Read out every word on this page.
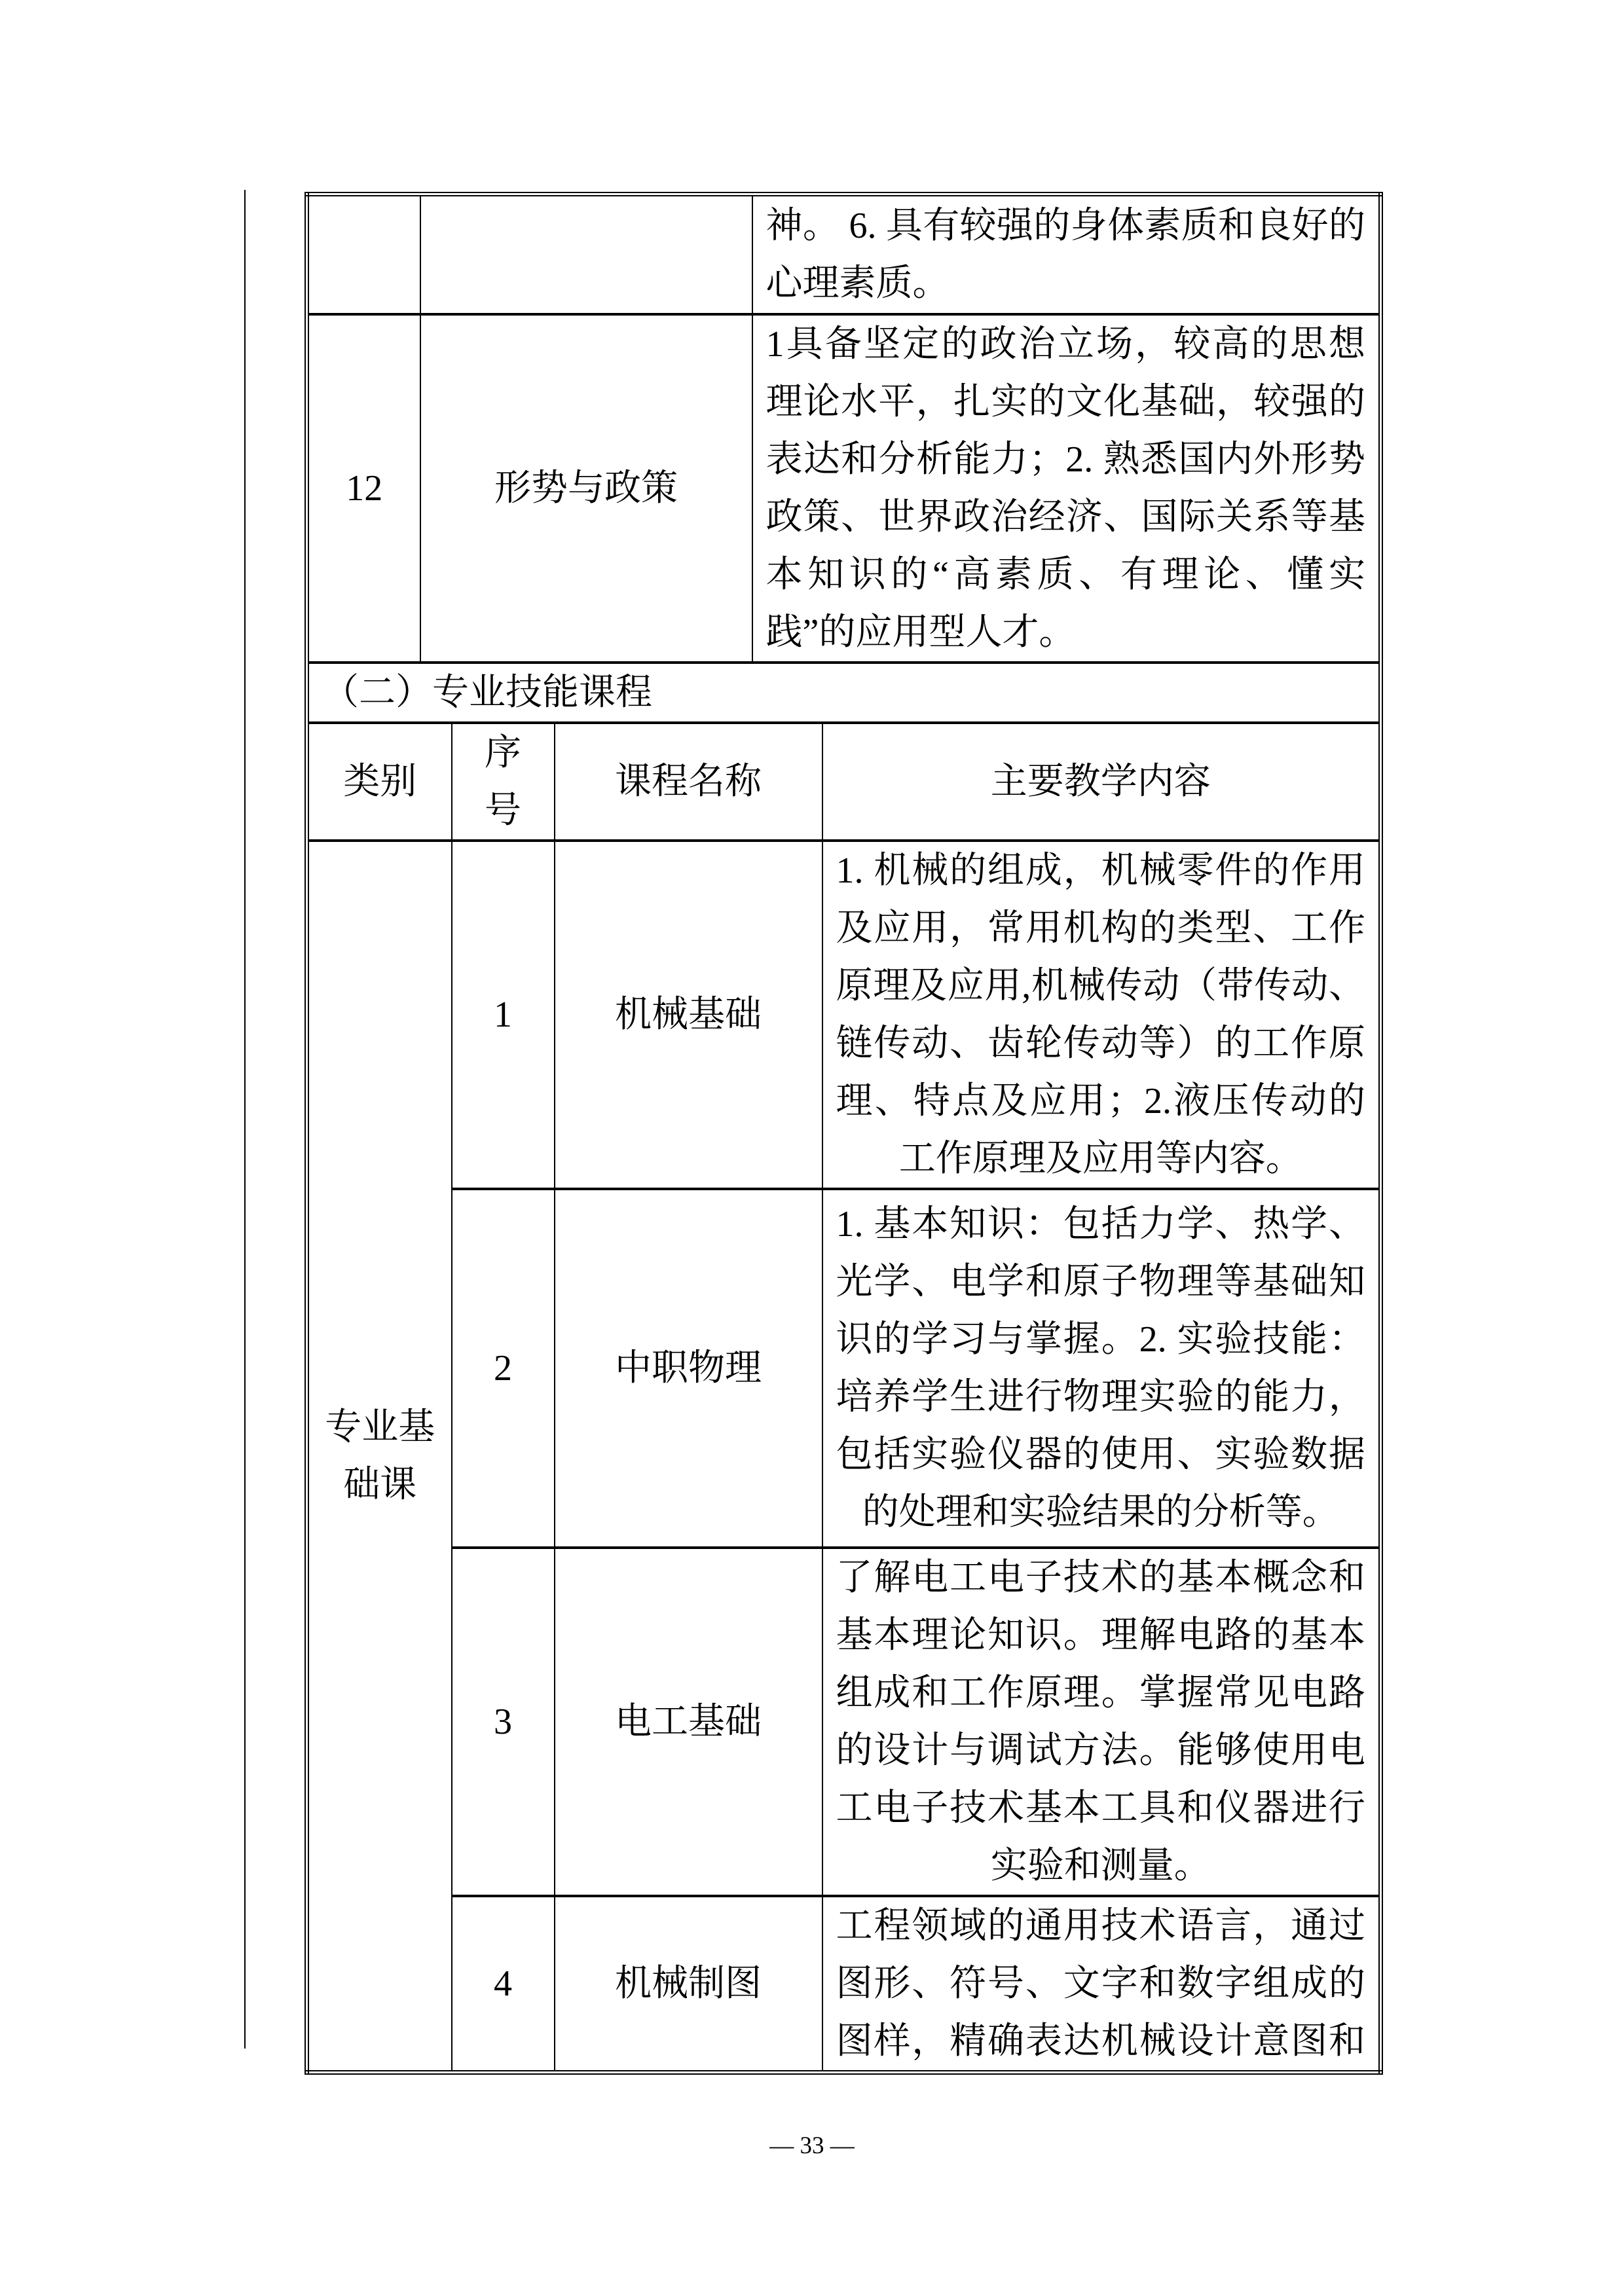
				神。 6. 具有较强的身体素质和良好的心理素质。	
12	形势与政策			1具备坚定的政治立场，较高的思想理论水平，扎实的文化基础，较强的表达和分析能力；2. 熟悉国内外形势政策、世界政治经济、国际关系等基本知识的“高素质、有理论、懂实践”的应用型人才。	
（二）专业技能课程					
类别		序号	课程名称		主要教学内容
专业基础课		1	机械基础		1. 机械的组成，机械零件的作用及应用，常用机构的类型、工作原理及应用,机械传动（带传动、链传动、齿轮传动等）的工作原理、特点及应用；2.液压传动的工作原理及应用等内容。
		2	中职物理		1. 基本知识：包括力学、热学、光学、电学和原子物理等基础知识的学习与掌握。2. 实验技能：培养学生进行物理实验的能力，包括实验仪器的使用、实验数据的处理和实验结果的分析等。
		3	电工基础		了解电工电子技术的基本概念和基本理论知识。理解电路的基本组成和工作原理。掌握常见电路的设计与调试方法。能够使用电工电子技术基本工具和仪器进行实验和测量。
		4	机械制图		工程领域的通用技术语言，通过图形、符号、文字和数字组成的图样，精确表达机械设计意图和
— 33 —
